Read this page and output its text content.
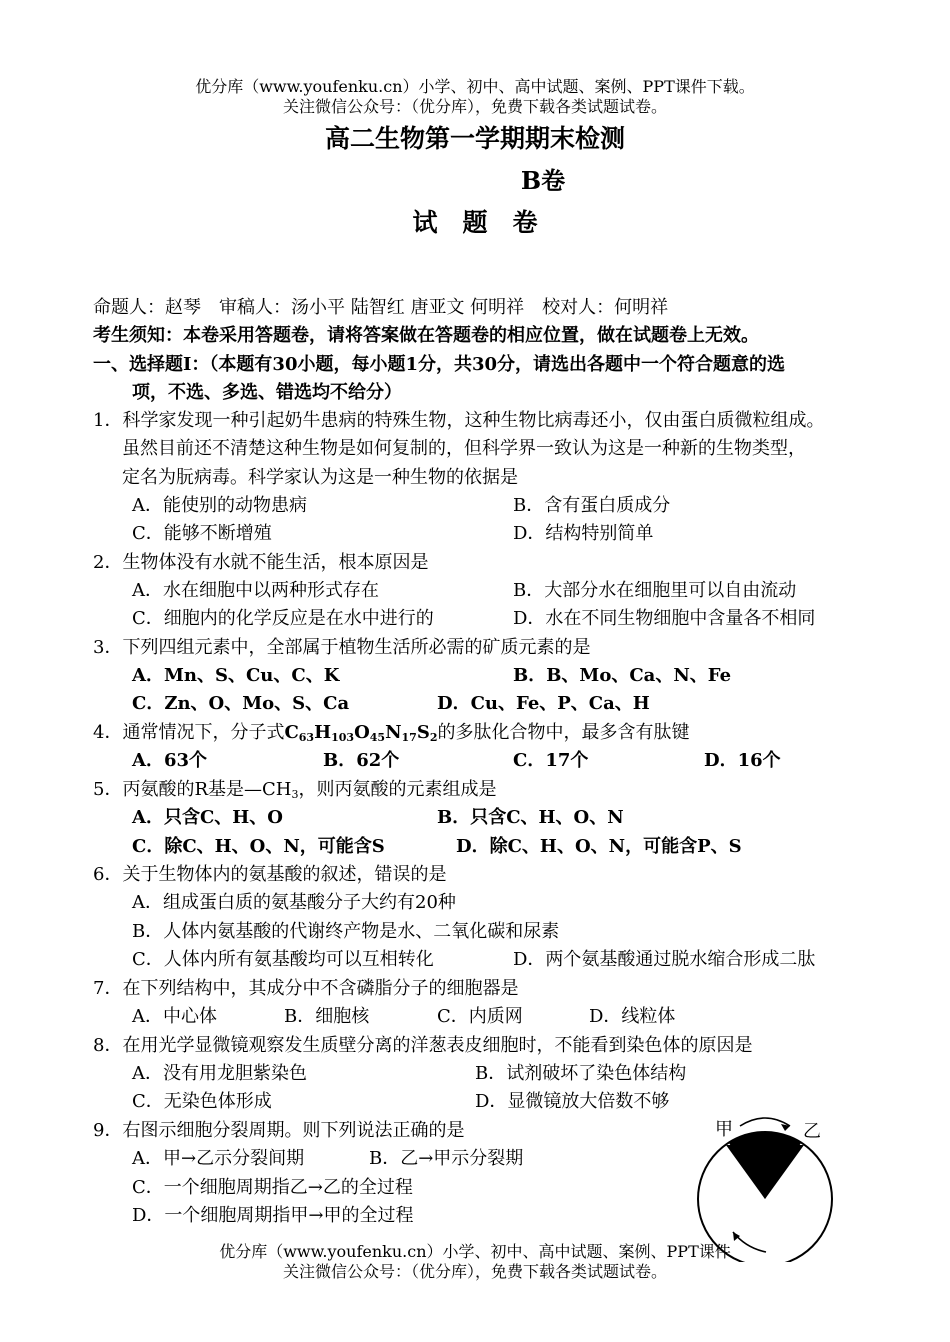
优分库（www.youfenku.cn）小学、初中、高中试题、案例、PPT课件下载。
关注微信公众号：（优分库），免费下载各类试题试卷。
高二生物第一学期期末检测
B卷
试　题　卷
命题人：赵琴　审稿人：汤小平 陆智红 唐亚文 何明祥　校对人：何明祥
考生须知：本卷采用答题卷，请将答案做在答题卷的相应位置，做在试题卷上无效。
一、选择题Ⅰ：（本题有30小题，每小题1分，共30分，请选出各题中一个符合题意的选
项，不选、多选、错选均不给分）
1．科学家发现一种引起奶牛患病的特殊生物，这种生物比病毒还小，仅由蛋白质微粒组成。
虽然目前还不清楚这种生物是如何复制的，但科学界一致认为这是一种新的生物类型，
定名为朊病毒。科学家认为这是一种生物的依据是
A．能使别的动物患病	B．含有蛋白质成分
C．能够不断增殖	D．结构特别简单
2．生物体没有水就不能生活，根本原因是
A．水在细胞中以两种形式存在	B．大部分水在细胞里可以自由流动
C．细胞内的化学反应是在水中进行的	D．水在不同生物细胞中含量各不相同
3．下列四组元素中，全部属于植物生活所必需的矿质元素的是
A．Mn、S、Cu、C、K	B．B、Mo、Ca、N、Fe
C．Zn、O、Mo、S、Ca	D．Cu、Fe、P、Ca、H
4．通常情况下，分子式$C_{63}H_{103}O_{45}N_{17}S_2$的多肽化合物中，最多含有肽键
A．63个	B．62个	C．17个	D．16个
5．丙氨酸的R基是$—CH_3$，则丙氨酸的元素组成是
A．只含C、H、O	B．只含C、H、O、N
C．除C、H、O、N，可能含S	D．除C、H、O、N，可能含P、S
6．关于生物体内的氨基酸的叙述，错误的是
A．组成蛋白质的氨基酸分子大约有20种
B．人体内氨基酸的代谢终产物是水、二氧化碳和尿素
C．人体内所有氨基酸均可以互相转化	D．两个氨基酸通过脱水缩合形成二肽
7．在下列结构中，其成分中不含磷脂分子的细胞器是
A．中心体	B．细胞核	C．内质网	D．线粒体
8．在用光学显微镜观察发生质壁分离的洋葱表皮细胞时，不能看到染色体的原因是
A．没有用龙胆紫染色	B．试剂破坏了染色体结构
C．无染色体形成	D．显微镜放大倍数不够
9．右图示细胞分裂周期。则下列说法正确的是
A．甲→乙示分裂间期	B．乙→甲示分裂期
C．一个细胞周期指乙→乙的全过程
D．一个细胞周期指甲→甲的全过程
甲	乙
优分库（www.youfenku.cn）小学、初中、高中试题、案例、PPT课件
关注微信公众号：（优分库），免费下载各类试题试卷。
